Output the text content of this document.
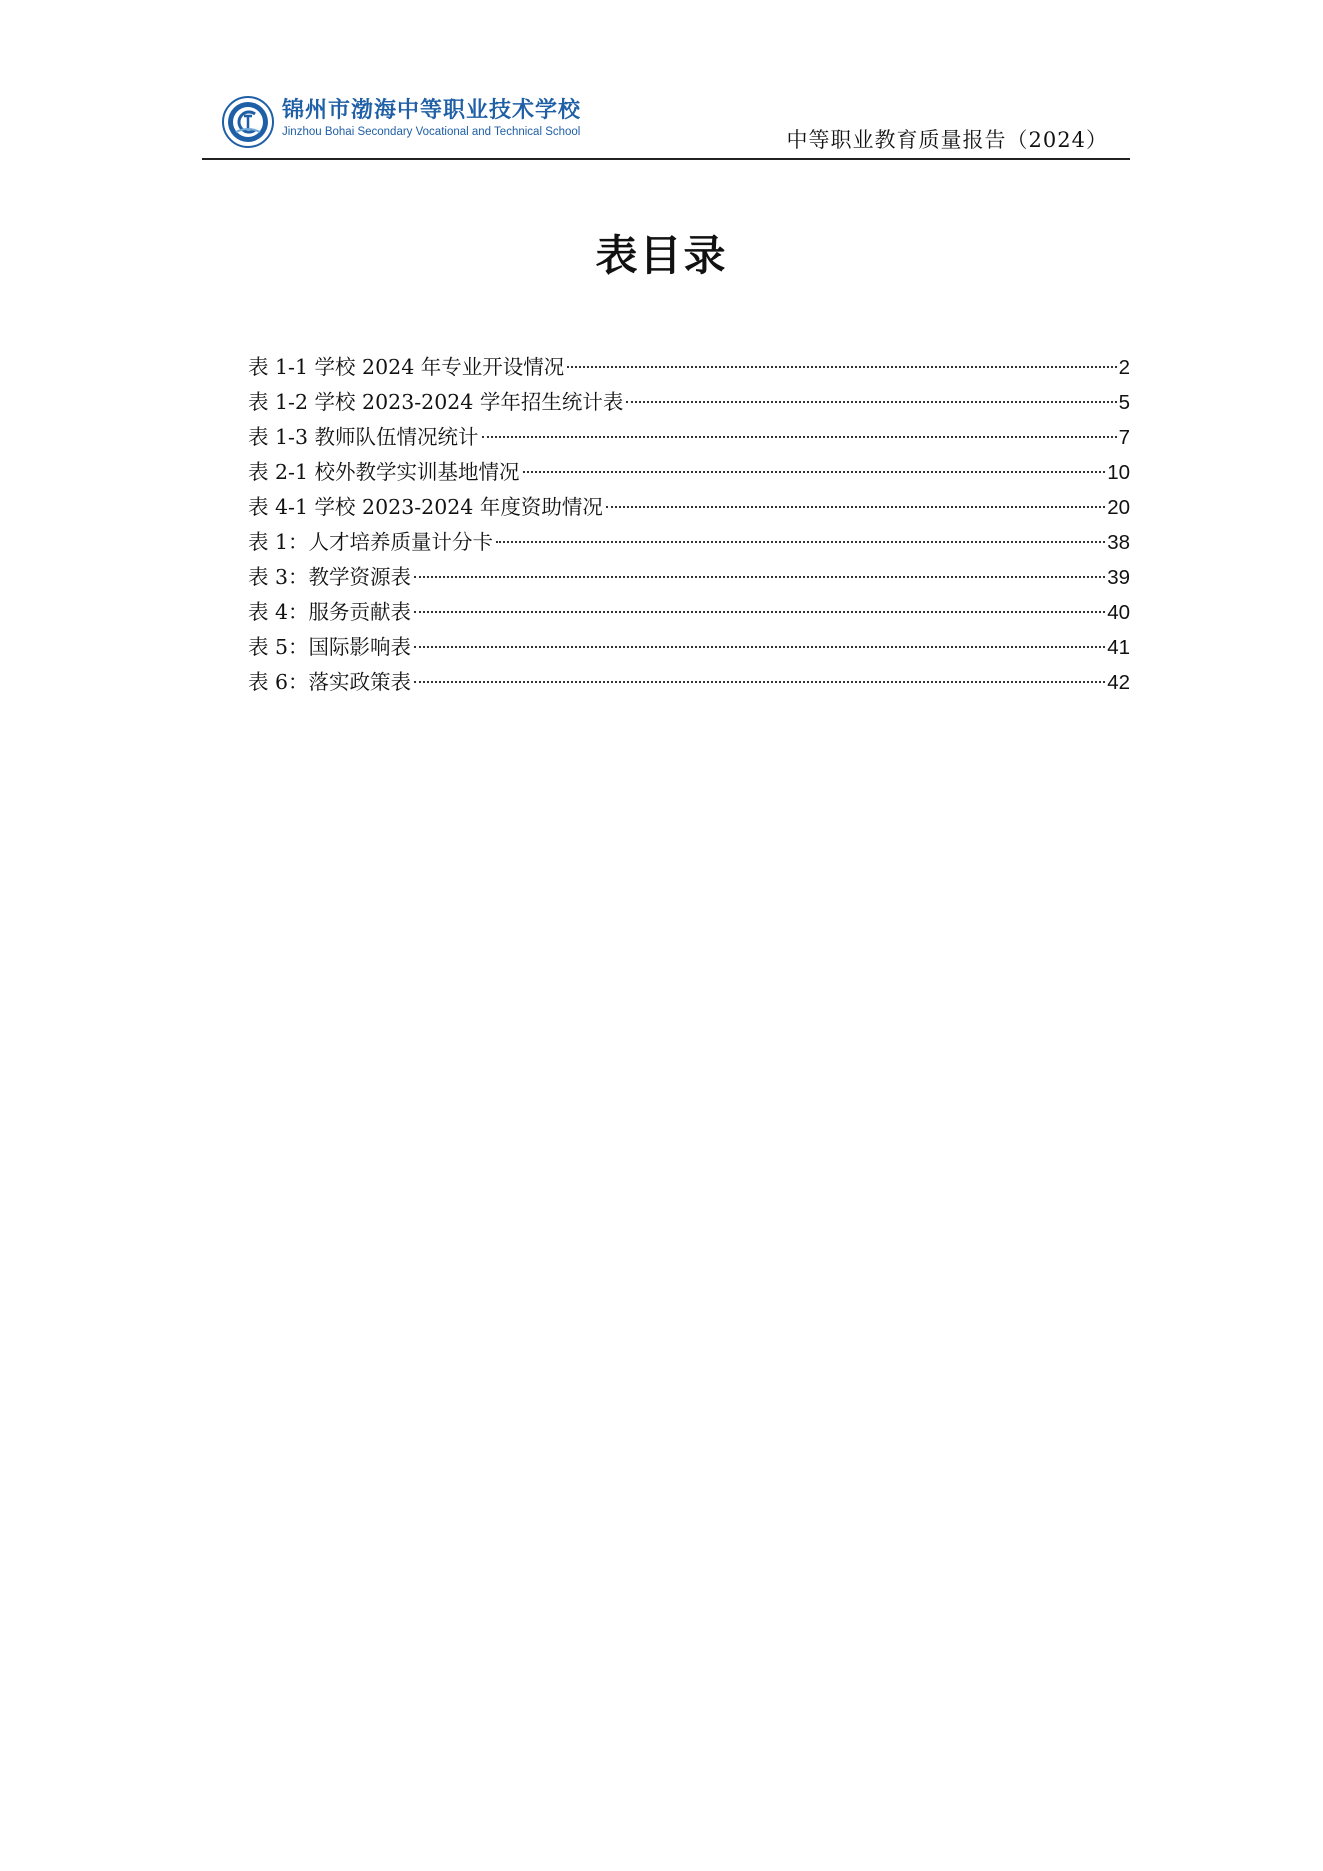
锦州市渤海中等职业技术学校
Jinzhou Bohai Secondary Vocational and Technical School	中等职业教育质量报告（2024）
表目录
表 1-1 学校 2024 年专业开设情况	2
表 1-2 学校 2023-2024 学年招生统计表	5
表 1-3 教师队伍情况统计	7
表 2-1 校外教学实训基地情况	10
表 4-1 学校 2023-2024 年度资助情况	20
表 1：人才培养质量计分卡	38
表 3：教学资源表	39
表 4：服务贡献表	40
表 5：国际影响表	41
表 6：落实政策表	42
